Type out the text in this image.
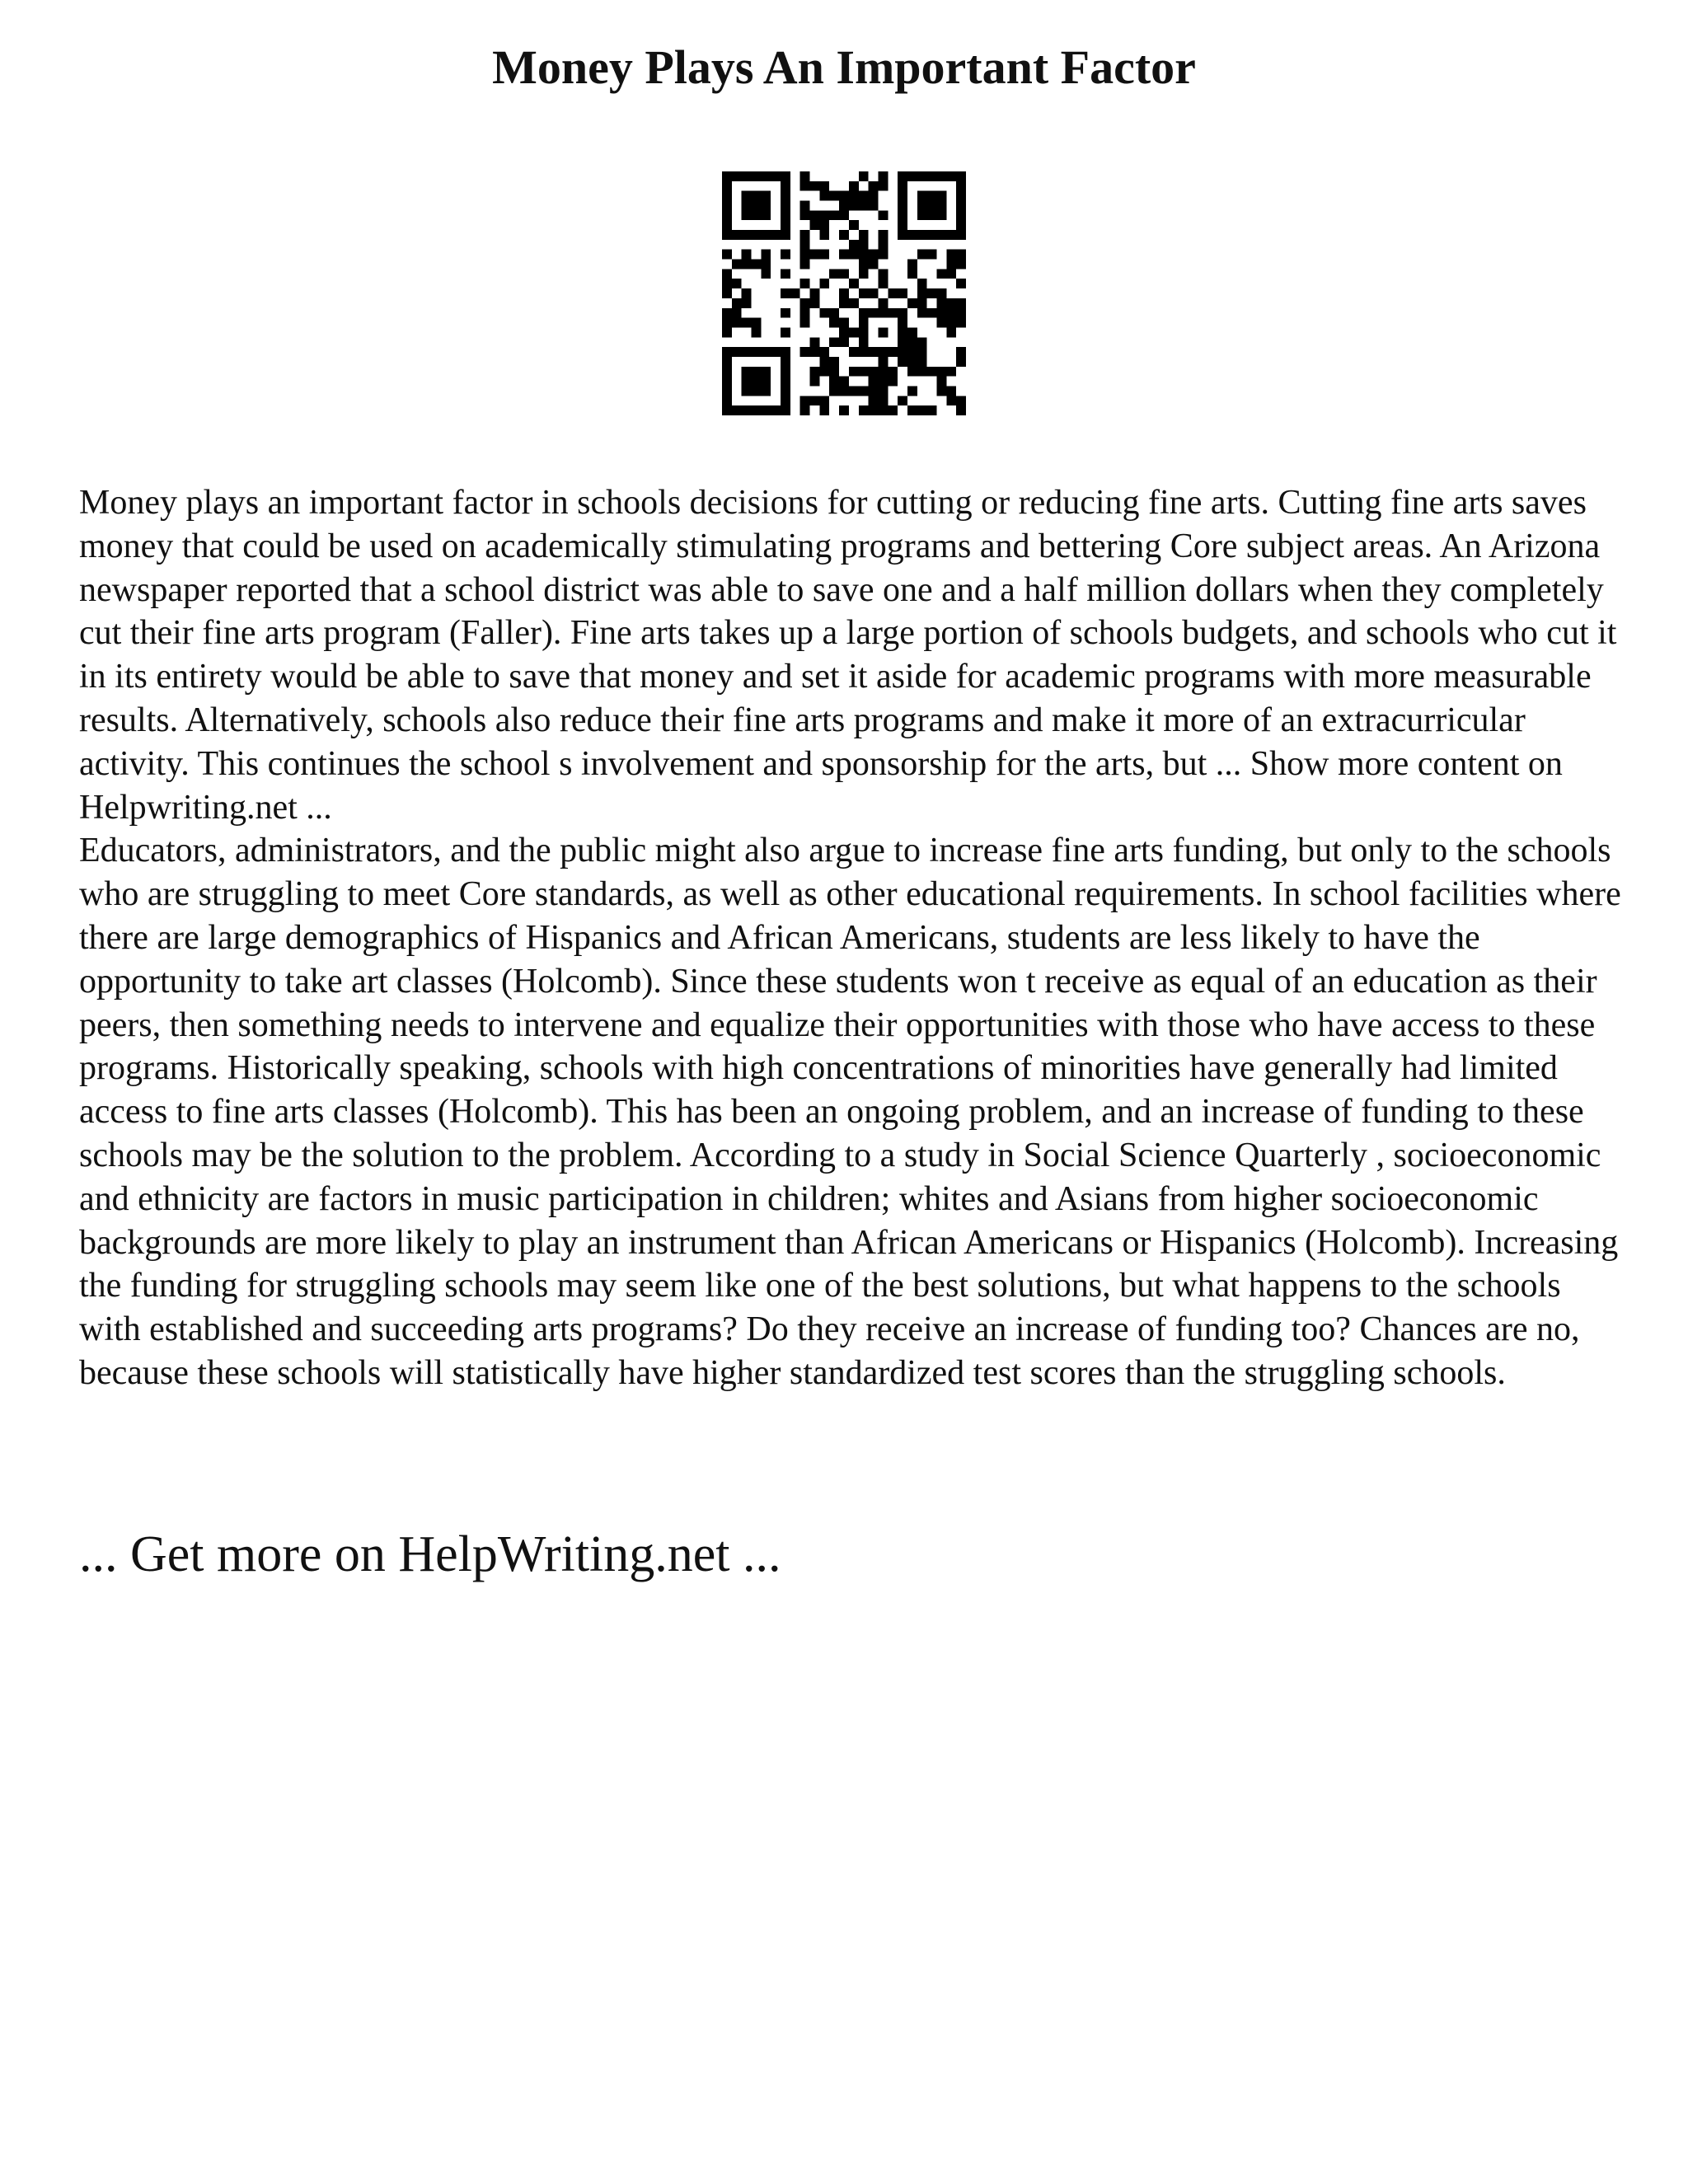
Money Plays An Important Factor

Money plays an important factor in schools decisions for cutting or reducing fine arts. Cutting fine arts saves money that could be used on academically stimulating programs and bettering Core subject areas. An Arizona newspaper reported that a school district was able to save one and a half million dollars when they completely cut their fine arts program (Faller). Fine arts takes up a large portion of schools budgets, and schools who cut it in its entirety would be able to save that money and set it aside for academic programs with more measurable results. Alternatively, schools also reduce their fine arts programs and make it more of an extracurricular activity. This continues the school s involvement and sponsorship for the arts, but ... Show more content on Helpwriting.net ...

Educators, administrators, and the public might also argue to increase fine arts funding, but only to the schools who are struggling to meet Core standards, as well as other educational requirements. In school facilities where there are large demographics of Hispanics and African Americans, students are less likely to have the opportunity to take art classes (Holcomb). Since these students won t receive as equal of an education as their peers, then something needs to intervene and equalize their opportunities with those who have access to these programs. Historically speaking, schools with high concentrations of minorities have generally had limited access to fine arts classes (Holcomb). This has been an ongoing problem, and an increase of funding to these schools may be the solution to the problem. According to a study in Social Science Quarterly , socioeconomic and ethnicity are factors in music participation in children; whites and Asians from higher socioeconomic backgrounds are more likely to play an instrument than African Americans or Hispanics (Holcomb). Increasing the funding for struggling schools may seem like one of the best solutions, but what happens to the schools with established and succeeding arts programs? Do they receive an increase of funding too? Chances are no, because these schools will statistically have higher standardized test scores than the struggling schools.

... Get more on HelpWriting.net ...
